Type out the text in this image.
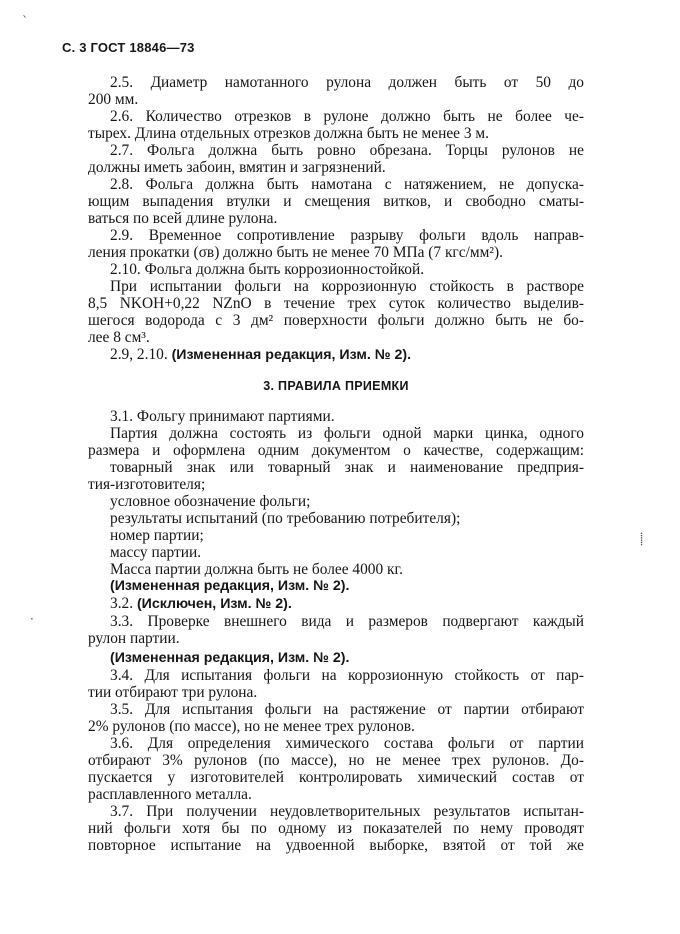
С. 3 ГОСТ 18846—73
2.5. Диаметр намотанного рулона должен быть от 50 до
200 мм.
2.6. Количество отрезков в рулоне должно быть не более че-
тырех. Длина отдельных отрезков должна быть не менее 3 м.
2.7. Фольга должна быть ровно обрезана. Торцы рулонов не
должны иметь забоин, вмятин и загрязнений.
2.8. Фольга должна быть намотана с натяжением, не допуска-
ющим выпадения втулки и смещения витков, и свободно сматы-
ваться по всей длине рулона.
2.9. Временное сопротивление разрыву фольги вдоль направ-
ления прокатки (σв) должно быть не менее 70 МПа (7 кгс/мм²).
2.10. Фольга должна быть коррозионностойкой.
При испытании фольги на коррозионную стойкость в растворе
8,5 NKOH+0,22 NZnO в течение трех суток количество выделив-
шегося водорода с 3 дм² поверхности фольги должно быть не бо-
лее 8 см³.
2.9, 2.10. (Измененная редакция, Изм. № 2).
3. ПРАВИЛА ПРИЕМКИ
3.1. Фольгу принимают партиями.
Партия должна состоять из фольги одной марки цинка, одного
размера и оформлена одним документом о качестве, содержащим:
товарный знак или товарный знак и наименование предприя-
тия-изготовителя;
условное обозначение фольги;
результаты испытаний (по требованию потребителя);
номер партии;
массу партии.
Масса партии должна быть не более 4000 кг.
(Измененная редакция, Изм. № 2).
3.2. (Исключен, Изм. № 2).
3.3. Проверке внешнего вида и размеров подвергают каждый
рулон партии.
(Измененная редакция, Изм. № 2).
3.4. Для испытания фольги на коррозионную стойкость от пар-
тии отбирают три рулона.
3.5. Для испытания фольги на растяжение от партии отбирают
2% рулонов (по массе), но не менее трех рулонов.
3.6. Для определения химического состава фольги от партии
отбирают 3% рулонов (по массе), но не менее трех рулонов. До-
пускается у изготовителей контролировать химический состав от
расплавленного металла.
3.7. При получении неудовлетворительных результатов испытан-
ний фольги хотя бы по одному из показателей по нему проводят
повторное испытание на удвоенной выборке, взятой от той же
ˋ
·
⸽
